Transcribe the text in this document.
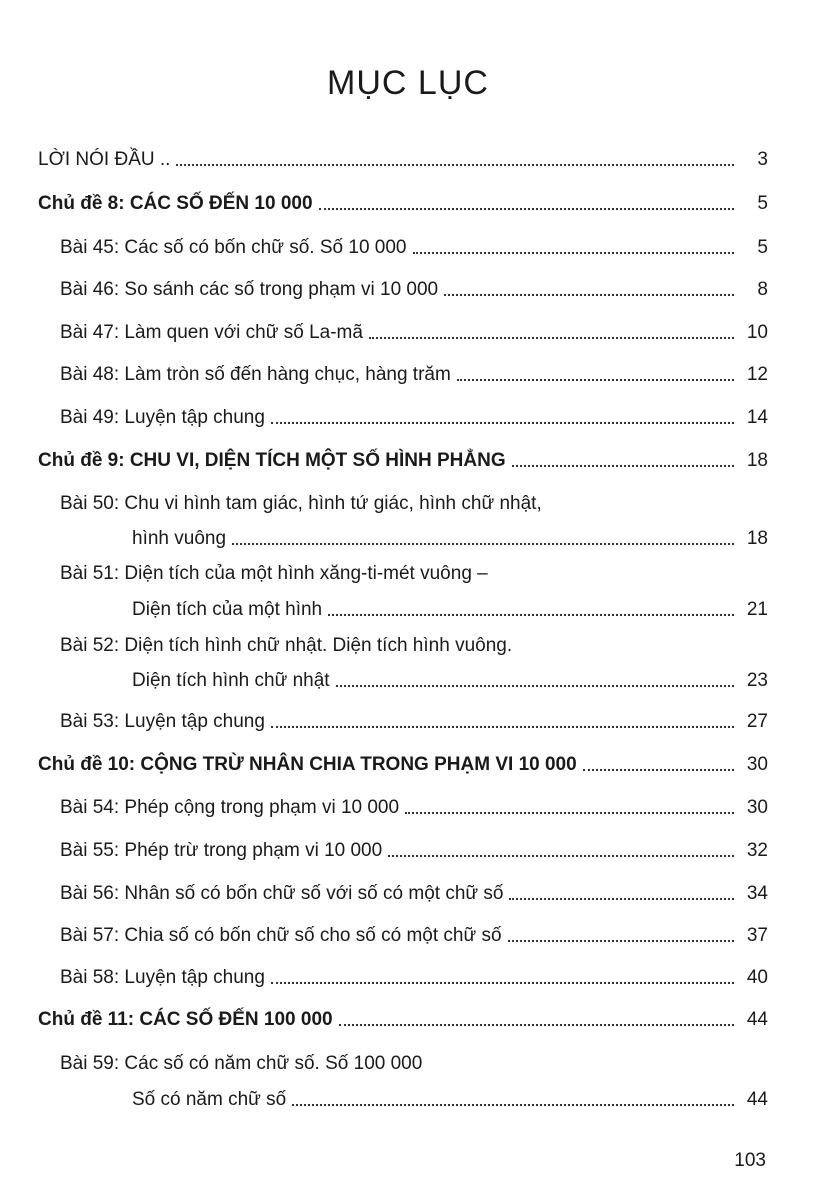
MỤC LỤC
LỜI NÓI ĐẦU ..	3
Chủ đề 8: CÁC SỐ ĐẾN 10 000	5
Bài 45: Các số có bốn chữ số. Số 10 000	5
Bài 46: So sánh các số trong phạm vi 10 000	8
Bài 47: Làm quen với chữ số La-mã	10
Bài 48: Làm tròn số đến hàng chục, hàng trăm	12
Bài 49: Luyện tập chung	14
Chủ đề 9: CHU VI, DIỆN TÍCH MỘT SỐ HÌNH PHẲNG	18
Bài 50: Chu vi hình tam giác, hình tứ giác, hình chữ nhật,
hình vuông	18
Bài 51: Diện tích của một hình xăng-ti-mét vuông –
Diện tích của một hình	21
Bài 52: Diện tích hình chữ nhật. Diện tích hình vuông.
Diện tích hình chữ nhật	23
Bài 53: Luyện tập chung	27
Chủ đề 10: CỘNG TRỪ NHÂN CHIA TRONG PHẠM VI 10 000	30
Bài 54: Phép cộng trong phạm vi 10 000	30
Bài 55: Phép trừ trong phạm vi 10 000	32
Bài 56: Nhân số có bốn chữ số với số có một chữ số	34
Bài 57: Chia số có bốn chữ số cho số có một chữ số	37
Bài 58: Luyện tập chung	40
Chủ đề 11: CÁC SỐ ĐẾN 100 000	44
Bài 59: Các số có năm chữ số. Số 100 000
Số có năm chữ số	44
103
